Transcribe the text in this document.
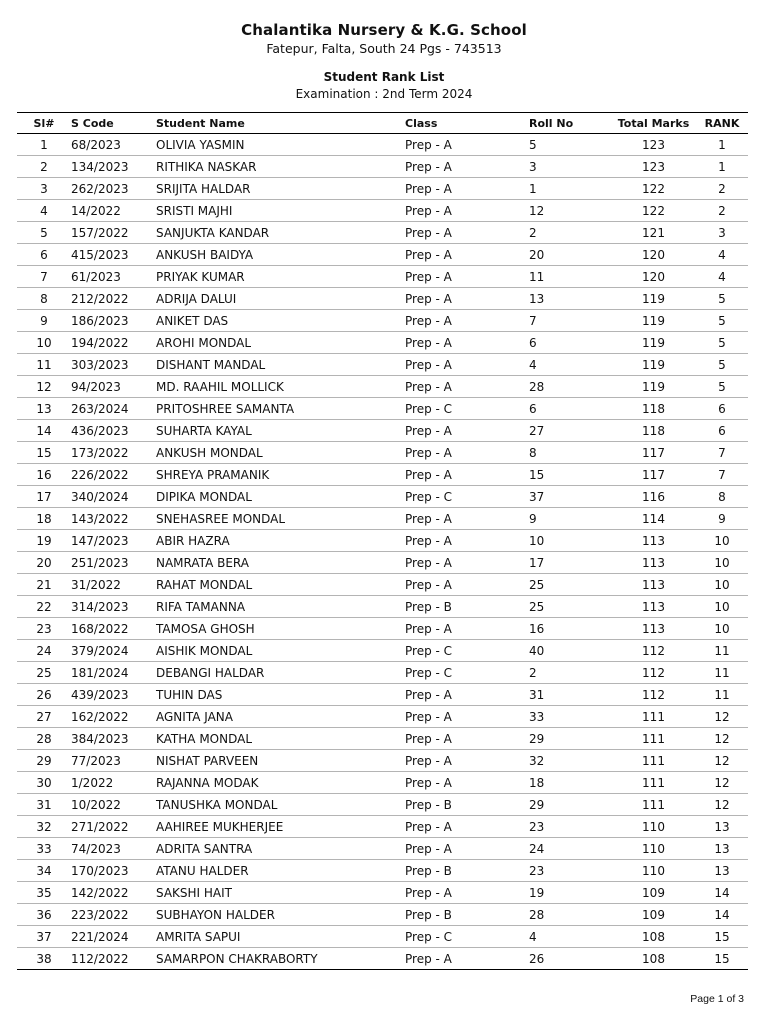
Chalantika Nursery & K.G. School
Fatepur, Falta, South 24 Pgs - 743513
Student Rank List
Examination : 2nd Term 2024
Sl#	S Code	Student Name	Class	Roll No	Total Marks	RANK
1	68/2023	OLIVIA YASMIN	Prep - A	5	123	1
2	134/2023	RITHIKA NASKAR	Prep - A	3	123	1
3	262/2023	SRIJITA HALDAR	Prep - A	1	122	2
4	14/2022	SRISTI MAJHI	Prep - A	12	122	2
5	157/2022	SANJUKTA KANDAR	Prep - A	2	121	3
6	415/2023	ANKUSH BAIDYA	Prep - A	20	120	4
7	61/2023	PRIYAK KUMAR	Prep - A	11	120	4
8	212/2022	ADRIJA DALUI	Prep - A	13	119	5
9	186/2023	ANIKET DAS	Prep - A	7	119	5
10	194/2022	AROHI MONDAL	Prep - A	6	119	5
11	303/2023	DISHANT MANDAL	Prep - A	4	119	5
12	94/2023	MD. RAAHIL MOLLICK	Prep - A	28	119	5
13	263/2024	PRITOSHREE SAMANTA	Prep - C	6	118	6
14	436/2023	SUHARTA KAYAL	Prep - A	27	118	6
15	173/2022	ANKUSH MONDAL	Prep - A	8	117	7
16	226/2022	SHREYA PRAMANIK	Prep - A	15	117	7
17	340/2024	DIPIKA MONDAL	Prep - C	37	116	8
18	143/2022	SNEHASREE MONDAL	Prep - A	9	114	9
19	147/2023	ABIR HAZRA	Prep - A	10	113	10
20	251/2023	NAMRATA BERA	Prep - A	17	113	10
21	31/2022	RAHAT MONDAL	Prep - A	25	113	10
22	314/2023	RIFA TAMANNA	Prep - B	25	113	10
23	168/2022	TAMOSA GHOSH	Prep - A	16	113	10
24	379/2024	AISHIK MONDAL	Prep - C	40	112	11
25	181/2024	DEBANGI HALDAR	Prep - C	2	112	11
26	439/2023	TUHIN DAS	Prep - A	31	112	11
27	162/2022	AGNITA JANA	Prep - A	33	111	12
28	384/2023	KATHA MONDAL	Prep - A	29	111	12
29	77/2023	NISHAT PARVEEN	Prep - A	32	111	12
30	1/2022	RAJANNA MODAK	Prep - A	18	111	12
31	10/2022	TANUSHKA MONDAL	Prep - B	29	111	12
32	271/2022	AAHIREE MUKHERJEE	Prep - A	23	110	13
33	74/2023	ADRITA SANTRA	Prep - A	24	110	13
34	170/2023	ATANU HALDER	Prep - B	23	110	13
35	142/2022	SAKSHI HAIT	Prep - A	19	109	14
36	223/2022	SUBHAYON HALDER	Prep - B	28	109	14
37	221/2024	AMRITA SAPUI	Prep - C	4	108	15
38	112/2022	SAMARPON CHAKRABORTY	Prep - A	26	108	15
Page 1 of 3
